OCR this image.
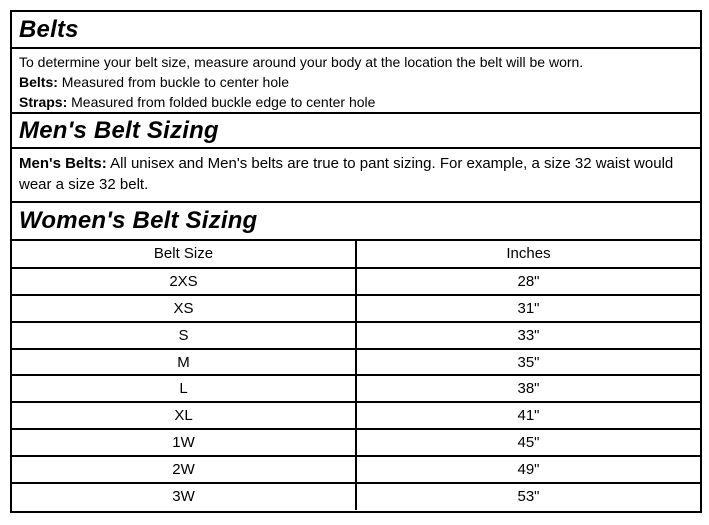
Belts
To determine your belt size, measure around your body at the location the belt will be worn.
Belts: Measured from buckle to center hole
Straps: Measured from folded buckle edge to center hole
Men's Belt Sizing
Men's Belts: All unisex and Men's belts are true to pant sizing. For example, a size 32 waist would wear a size 32 belt.
Women's Belt Sizing
Belt Size	Inches
2XS	28"
XS	31"
S	33"
M	35"
L	38"
XL	41"
1W	45"
2W	49"
3W	53"
